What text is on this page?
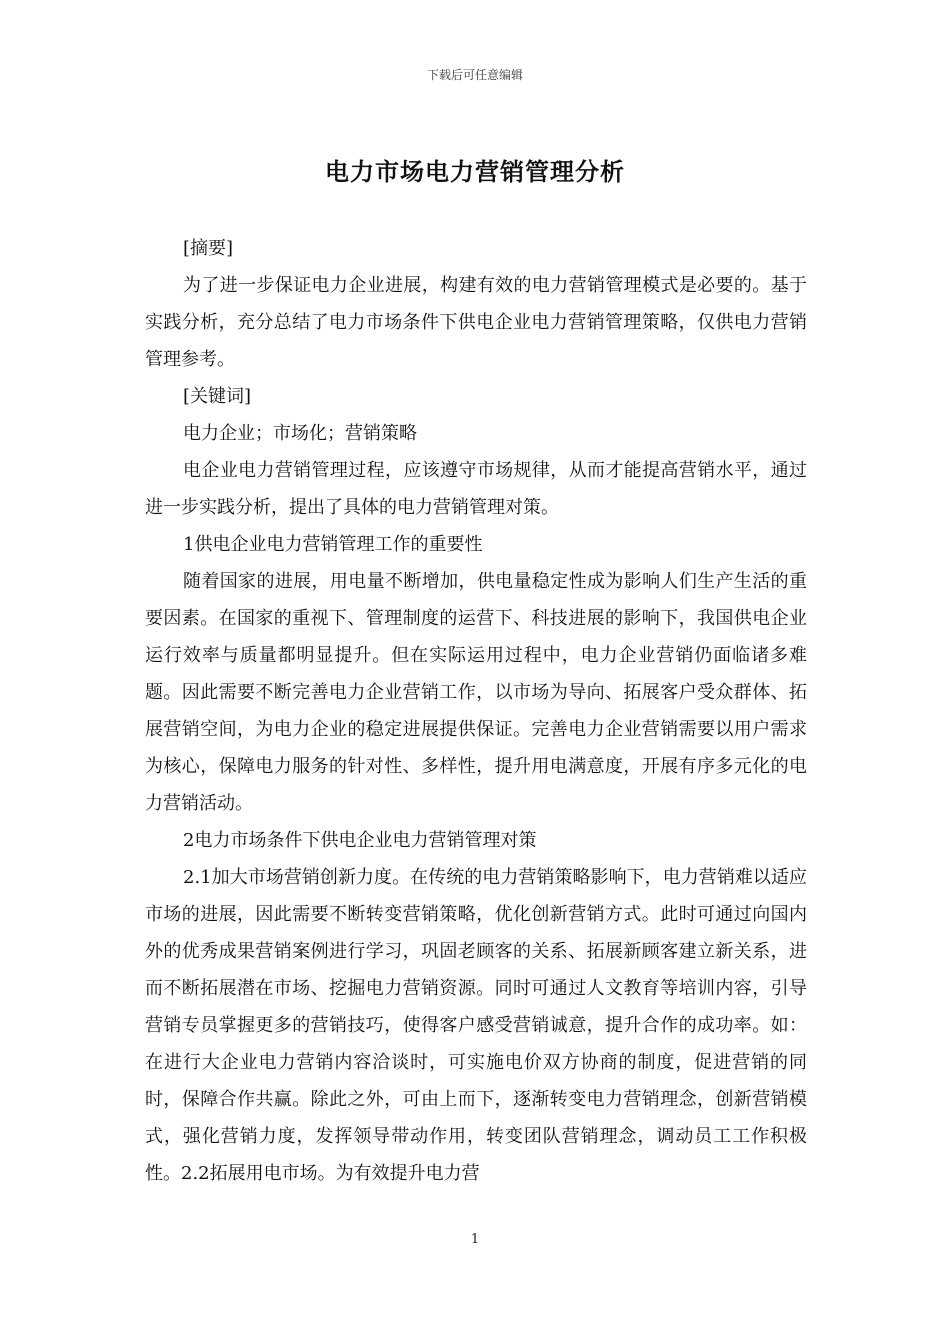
下载后可任意编辑
电力市场电力营销管理分析

[摘要]

为了进一步保证电力企业进展，构建有效的电力营销管理模式是必要的。基于实践分析，充分总结了电力市场条件下供电企业电力营销管理策略，仅供电力营销管理参考。

[关键词]

电力企业；市场化；营销策略

电企业电力营销管理过程，应该遵守市场规律，从而才能提高营销水平，通过进一步实践分析，提出了具体的电力营销管理对策。

1供电企业电力营销管理工作的重要性

随着国家的进展，用电量不断增加，供电量稳定性成为影响人们生产生活的重要因素。在国家的重视下、管理制度的运营下、科技进展的影响下，我国供电企业运行效率与质量都明显提升。但在实际运用过程中，电力企业营销仍面临诸多难题。因此需要不断完善电力企业营销工作，以市场为导向、拓展客户受众群体、拓展营销空间，为电力企业的稳定进展提供保证。完善电力企业营销需要以用户需求为核心，保障电力服务的针对性、多样性，提升用电满意度，开展有序多元化的电力营销活动。

2电力市场条件下供电企业电力营销管理对策

2.1加大市场营销创新力度。在传统的电力营销策略影响下，电力营销难以适应市场的进展，因此需要不断转变营销策略，优化创新营销方式。此时可通过向国内外的优秀成果营销案例进行学习，巩固老顾客的关系、拓展新顾客建立新关系，进而不断拓展潜在市场、挖掘电力营销资源。同时可通过人文教育等培训内容，引导营销专员掌握更多的营销技巧，使得客户感受营销诚意，提升合作的成功率。如：在进行大企业电力营销内容洽谈时，可实施电价双方协商的制度，促进营销的同时，保障合作共赢。除此之外，可由上而下，逐渐转变电力营销理念，创新营销模式，强化营销力度，发挥领导带动作用，转变团队营销理念，调动员工工作积极性。2.2拓展用电市场。为有效提升电力营

1
